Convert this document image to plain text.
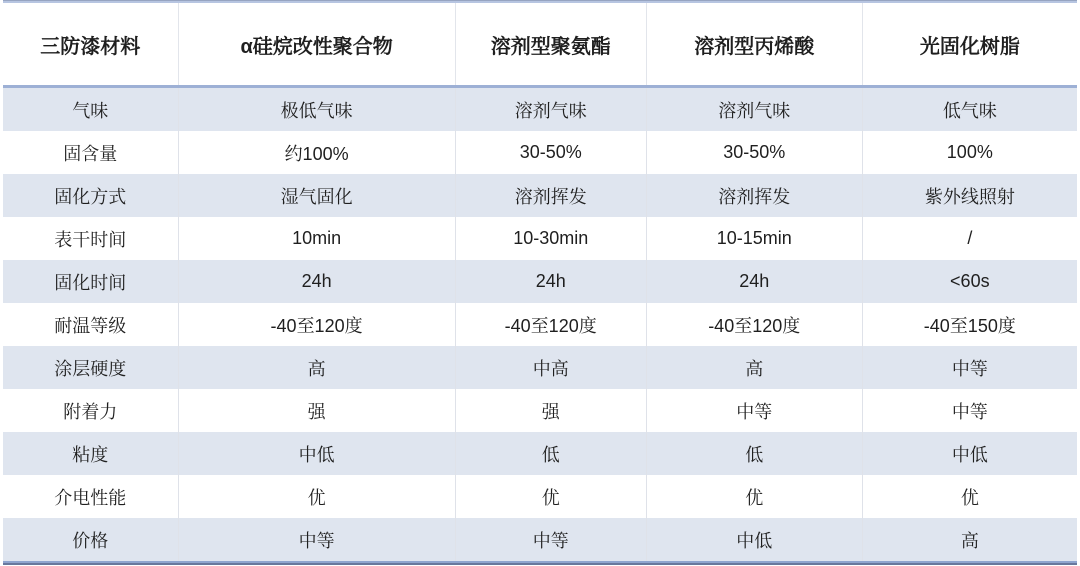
三防漆材料	α硅烷改性聚合物	溶剂型聚氨酯	溶剂型丙烯酸	光固化树脂
气味	极低气味	溶剂气味	溶剂气味	低气味
固含量	约100%	30-50%	30-50%	100%
固化方式	湿气固化	溶剂挥发	溶剂挥发	紫外线照射
表干时间	10min	10-30min	10-15min	/
固化时间	24h	24h	24h	<60s
耐温等级	-40至120度	-40至120度	-40至120度	-40至150度
涂层硬度	高	中高	高	中等
附着力	强	强	中等	中等
粘度	中低	低	低	中低
介电性能	优	优	优	优
价格	中等	中等	中低	高
